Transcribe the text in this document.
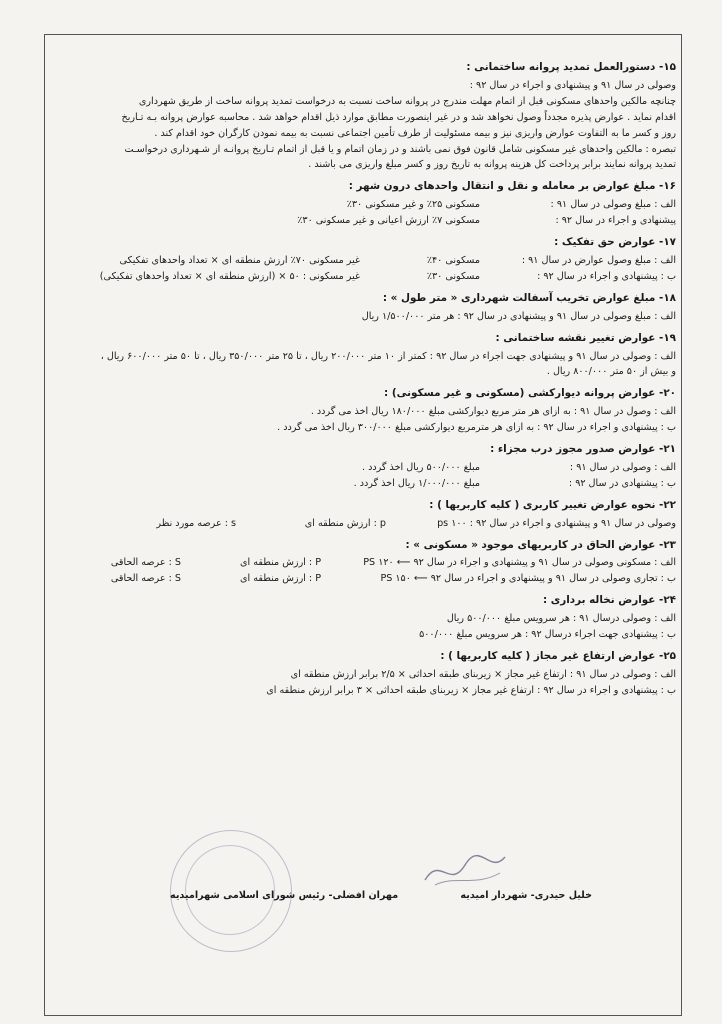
۱۵- دستورالعمل تمدید پروانه ساختمانی :
وصولی در سال ۹۱ و پیشنهادی و اجراء در سال ۹۲ :
چنانچه مالکین واحدهای مسکونی قبل از اتمام مهلت مندرج در پروانه ساخت نسبت به درخواست تمدید پروانه ساخت از طریق شهرداری
اقدام نماید . عوارض پذیره مجدداً وصول نخواهد شد و در غیر اینصورت مطابق موارد ذیل اقدام خواهد شد . محاسبه عوارض پروانه بـه تـاریخ
روز و کسر ما به التفاوت عوارض واریزی نیز و بیمه مسئولیت از طرف تأمین اجتماعی نسبت به بیمه نمودن کارگران خود اقدام کند .
تبصره : مالکین واحدهای غیر مسکونی شامل قانون فوق نمی باشند و در زمان اتمام و یا قبل از اتمام تـاریخ پروانـه از شـهرداری درخواسـت
تمدید پروانه نمایند برابر پرداخت کل هزینه پروانه به تاریخ روز و کسر مبلغ واریزی می باشند .
۱۶- مبلغ عوارض بر معامله و نقل و انتقال واحدهای درون شهر :
الف : مبلغ وصولی در سال ۹۱ :
مسکونی ۲۵٪ و غیر مسکونی ۳۰٪
پیشنهادی و اجراء در سال ۹۲ :
مسکونی ۷٪ ارزش اعیانی و غیر مسکونی ۳۰٪
۱۷- عوارض حق تفکیک :
الف : مبلغ وصول عوارض در سال ۹۱ :
مسکونی ۴۰٪
غیر مسکونی ۷۰٪ ارزش منطقه ای × تعداد واحدهای تفکیکی
ب : پیشنهادی و اجراء در سال ۹۲ :
مسکونی ۳۰٪
غیر مسکونی : ۵۰ × (ارزش منطقه ای × تعداد واحدهای تفکیکی)
۱۸- مبلغ عوارض تخریب آسفالت شهرداری « متر طول » :
الف : مبلغ وصولی در سال ۹۱ و پیشنهادی در سال ۹۲ : هر متر ۱/۵۰۰/۰۰۰ ریال
۱۹- عوارض تغییر نقشه ساختمانی :
الف : وصولی در سال ۹۱ و پیشنهادی جهت اجراء در سال ۹۲ : کمتر از ۱۰ متر ۲۰۰/۰۰۰ ریال ، تا ۲۵ متر ۳۵۰/۰۰۰ ریال ، تا ۵۰ متر ۶۰۰/۰۰۰ ریال ،
و بیش از ۵۰ متر ۸۰۰/۰۰۰ ریال .
۲۰- عوارض پروانه دیوارکشی (مسکونی و غیر مسکونی) :
الف : وصول در سال ۹۱ : به ازای هر متر مربع دیوارکشی مبلغ ۱۸۰/۰۰۰ ریال اخذ می گردد .
ب : پیشنهادی و اجراء در سال ۹۲ : به ازای هر مترمربع دیوارکشی مبلغ ۳۰۰/۰۰۰ ریال اخذ می گردد .
۲۱- عوارض صدور مجوز درب مجزاء :
الف : وصولی در سال ۹۱ :
مبلغ ۵۰۰/۰۰۰ ریال اخذ گردد .
ب : پیشنهادی در سال ۹۲ :
مبلغ ۱/۰۰۰/۰۰۰ ریال اخذ گردد .
۲۲- نحوه عوارض تغییر کاربری ( کلیه کاربریها ) :
وصولی در سال ۹۱ و پیشنهادی و اجراء در سال ۹۲ : ۱۰۰ ps
p : ارزش منطقه ای
s : عرصه مورد نظر
۲۳- عوارض الحاق در کاربریهای موجود « مسکونی » :
الف : مسکونی وصولی در سال ۹۱ و پیشنهادی و اجراء در سال ۹۲ ⟵ ۱۲۰ PS
P : ارزش منطقه ای
S : عرصه الحاقی
ب : تجاری وصولی در سال ۹۱ و پیشنهادی و اجراء در سال ۹۲ ⟵ ۱۵۰ PS
P : ارزش منطقه ای
S : عرصه الحاقی
۲۴- عوارض نخاله برداری :
الف : وصولی درسال ۹۱ : هر سرویس مبلغ ۵۰۰/۰۰۰ ریال
ب : پیشنهادی جهت اجراء درسال ۹۲ : هر سرویس مبلغ ۵۰۰/۰۰۰
۲۵- عوارض ارتفاع غیر مجاز ( کلیه کاربریها ) :
الف : وصولی در سال ۹۱ : ارتفاع غیر مجاز × زیربنای طبقه احداثی × ۲/۵ برابر ارزش منطقه ای
ب : پیشنهادی و اجراء در سال ۹۲ : ارتفاع غیر مجاز × زیربنای طبقه احداثی × ۳ برابر ارزش منطقه ای
خلیل حیدری- شهردار امیدیه
مهران افضلی- رئیس شورای اسلامی شهرامیدیه
